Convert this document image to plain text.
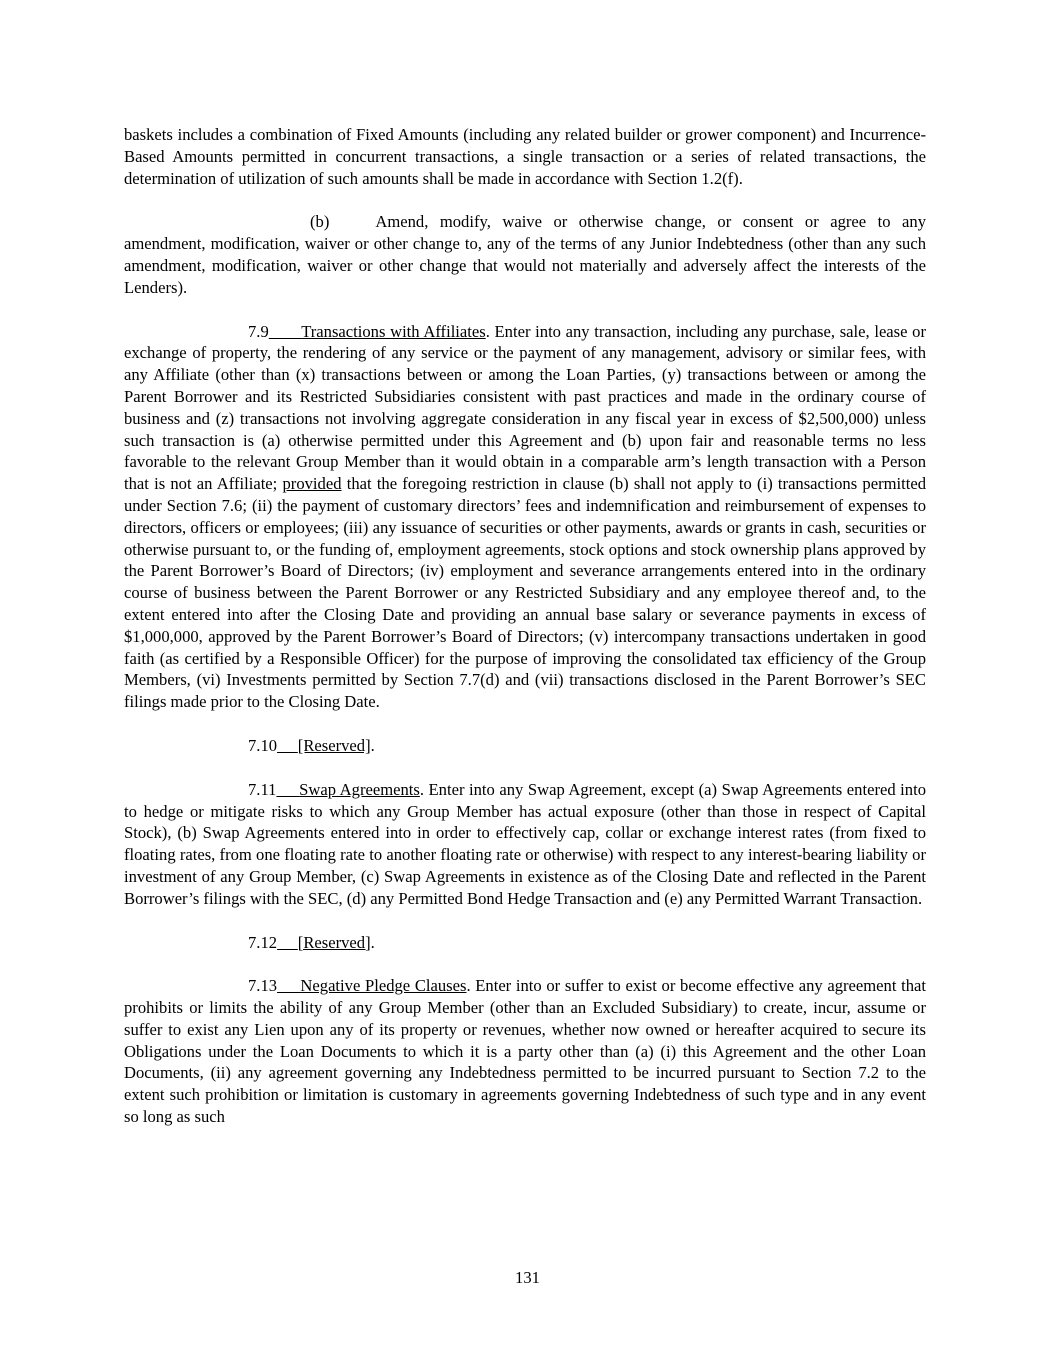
baskets includes a combination of Fixed Amounts (including any related builder or grower component) and Incurrence-Based Amounts permitted in concurrent transactions, a single transaction or a series of related transactions, the determination of utilization of such amounts shall be made in accordance with Section 1.2(f).

(b)	Amend, modify, waive or otherwise change, or consent or agree to any amendment, modification, waiver or other change to, any of the terms of any Junior Indebtedness (other than any such amendment, modification, waiver or other change that would not materially and adversely affect the interests of the Lenders).

7.9 Transactions with Affiliates. Enter into any transaction, including any purchase, sale, lease or exchange of property, the rendering of any service or the payment of any management, advisory or similar fees, with any Affiliate (other than (x) transactions between or among the Loan Parties, (y) transactions between or among the Parent Borrower and its Restricted Subsidiaries consistent with past practices and made in the ordinary course of business and (z) transactions not involving aggregate consideration in any fiscal year in excess of $2,500,000) unless such transaction is (a) otherwise permitted under this Agreement and (b) upon fair and reasonable terms no less favorable to the relevant Group Member than it would obtain in a comparable arm’s length transaction with a Person that is not an Affiliate; provided that the foregoing restriction in clause (b) shall not apply to (i) transactions permitted under Section 7.6; (ii) the payment of customary directors’ fees and indemnification and reimbursement of expenses to directors, officers or employees; (iii) any issuance of securities or other payments, awards or grants in cash, securities or otherwise pursuant to, or the funding of, employment agreements, stock options and stock ownership plans approved by the Parent Borrower’s Board of Directors; (iv) employment and severance arrangements entered into in the ordinary course of business between the Parent Borrower or any Restricted Subsidiary and any employee thereof and, to the extent entered into after the Closing Date and providing an annual base salary or severance payments in excess of $1,000,000, approved by the Parent Borrower’s Board of Directors; (v) intercompany transactions undertaken in good faith (as certified by a Responsible Officer) for the purpose of improving the consolidated tax efficiency of the Group Members, (vi) Investments permitted by Section 7.7(d) and (vii) transactions disclosed in the Parent Borrower’s SEC filings made prior to the Closing Date.

7.10 [Reserved].

7.11 Swap Agreements. Enter into any Swap Agreement, except (a) Swap Agreements entered into to hedge or mitigate risks to which any Group Member has actual exposure (other than those in respect of Capital Stock), (b) Swap Agreements entered into in order to effectively cap, collar or exchange interest rates (from fixed to floating rates, from one floating rate to another floating rate or otherwise) with respect to any interest-bearing liability or investment of any Group Member, (c) Swap Agreements in existence as of the Closing Date and reflected in the Parent Borrower’s filings with the SEC, (d) any Permitted Bond Hedge Transaction and (e) any Permitted Warrant Transaction.

7.12 [Reserved].

7.13 Negative Pledge Clauses. Enter into or suffer to exist or become effective any agreement that prohibits or limits the ability of any Group Member (other than an Excluded Subsidiary) to create, incur, assume or suffer to exist any Lien upon any of its property or revenues, whether now owned or hereafter acquired to secure its Obligations under the Loan Documents to which it is a party other than (a) (i) this Agreement and the other Loan Documents, (ii) any agreement governing any Indebtedness permitted to be incurred pursuant to Section 7.2 to the extent such prohibition or limitation is customary in agreements governing Indebtedness of such type and in any event so long as such

131
